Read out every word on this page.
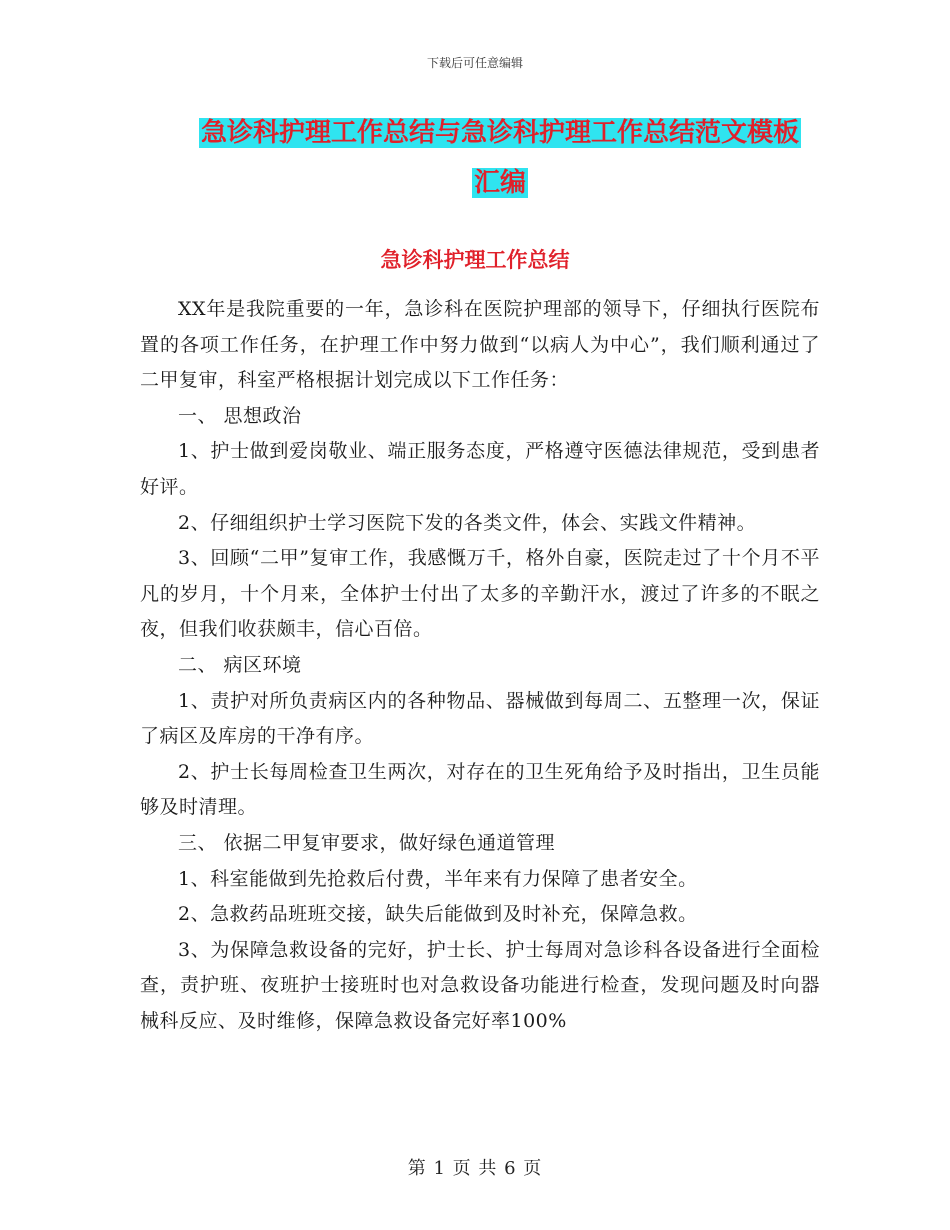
下载后可任意编辑
急诊科护理工作总结与急诊科护理工作总结范文模板
汇编
急诊科护理工作总结

XX年是我院重要的一年，急诊科在医院护理部的领导下，仔细执行医院布置的各项工作任务，在护理工作中努力做到“以病人为中心”，我们顺利通过了二甲复审，科室严格根据计划完成以下工作任务：

一、 思想政治

1、护士做到爱岗敬业、端正服务态度，严格遵守医德法律规范，受到患者好评。

2、仔细组织护士学习医院下发的各类文件，体会、实践文件精神。

3、回顾“二甲”复审工作，我感慨万千，格外自豪，医院走过了十个月不平凡的岁月，十个月来，全体护士付出了太多的辛勤汗水，渡过了许多的不眠之夜，但我们收获颇丰，信心百倍。

二、 病区环境

1、责护对所负责病区内的各种物品、器械做到每周二、五整理一次，保证了病区及库房的干净有序。

2、护士长每周检查卫生两次，对存在的卫生死角给予及时指出，卫生员能够及时清理。

三、 依据二甲复审要求，做好绿色通道管理

1、科室能做到先抢救后付费，半年来有力保障了患者安全。

2、急救药品班班交接，缺失后能做到及时补充，保障急救。

3、为保障急救设备的完好，护士长、护士每周对急诊科各设备进行全面检查，责护班、夜班护士接班时也对急救设备功能进行检查，发现问题及时向器械科反应、及时维修，保障急救设备完好率100%

第 1 页 共 6 页
